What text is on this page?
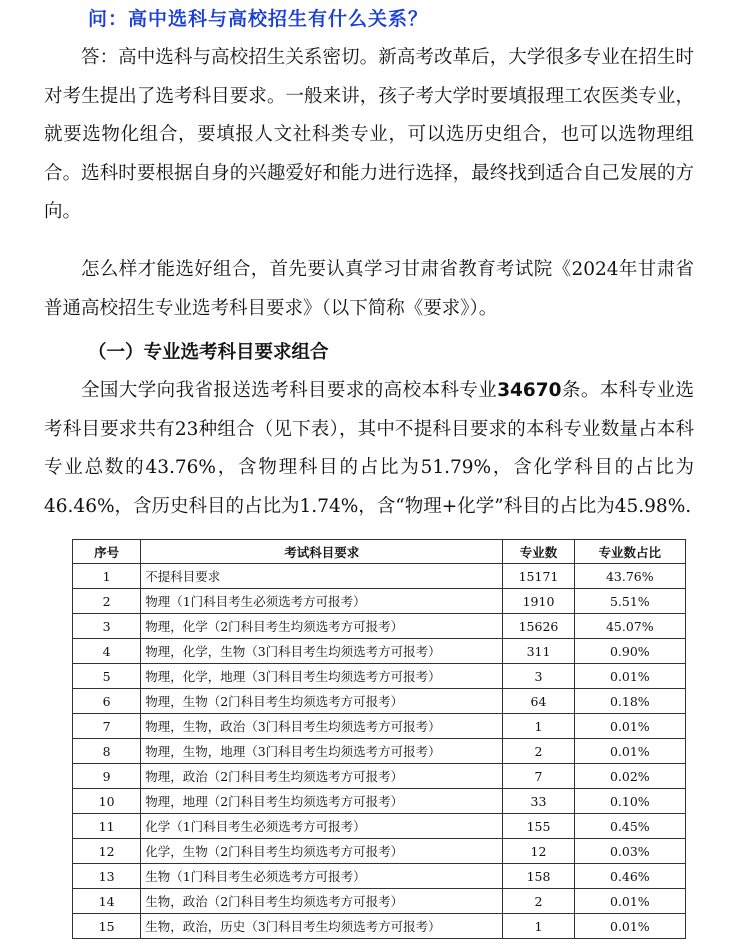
问：高中选科与高校招生有什么关系？

答：高中选科与高校招生关系密切。新高考改革后，大学很多专业在招生时对考生提出了选考科目要求。一般来讲，孩子考大学时要填报理工农医类专业，就要选物化组合，要填报人文社科类专业，可以选历史组合，也可以选物理组合。选科时要根据自身的兴趣爱好和能力进行选择，最终找到适合自己发展的方向。

怎么样才能选好组合，首先要认真学习甘肃省教育考试院《2024年甘肃省普通高校招生专业选考科目要求》（以下简称《要求》）。

（一）专业选考科目要求组合

全国大学向我省报送选考科目要求的高校本科专业34670条。本科专业选考科目要求共有23种组合（见下表），其中不提科目要求的本科专业数量占本科专业总数的43.76%，含物理科目的占比为51.79%，含化学科目的占比为46.46%，含历史科目的占比为1.74%，含“物理+化学”科目的占比为45.98%.

序号	考试科目要求	专业数	专业数占比
1	不提科目要求	15171	43.76%
2	物理（1门科目考生必须选考方可报考）	1910	5.51%
3	物理，化学（2门科目考生均须选考方可报考）	15626	45.07%
4	物理，化学，生物（3门科目考生均须选考方可报考）	311	0.90%
5	物理，化学，地理（3门科目考生均须选考方可报考）	3	0.01%
6	物理，生物（2门科目考生均须选考方可报考）	64	0.18%
7	物理，生物，政治（3门科目考生均须选考方可报考）	1	0.01%
8	物理，生物，地理（3门科目考生均须选考方可报考）	2	0.01%
9	物理，政治（2门科目考生均须选考方可报考）	7	0.02%
10	物理，地理（2门科目考生均须选考方可报考）	33	0.10%
11	化学（1门科目考生必须选考方可报考）	155	0.45%
12	化学，生物（2门科目考生均须选考方可报考）	12	0.03%
13	生物（1门科目考生必须选考方可报考）	158	0.46%
14	生物，政治（2门科目考生均须选考方可报考）	2	0.01%
15	生物，政治，历史（3门科目考生均须选考方可报考）	1	0.01%
